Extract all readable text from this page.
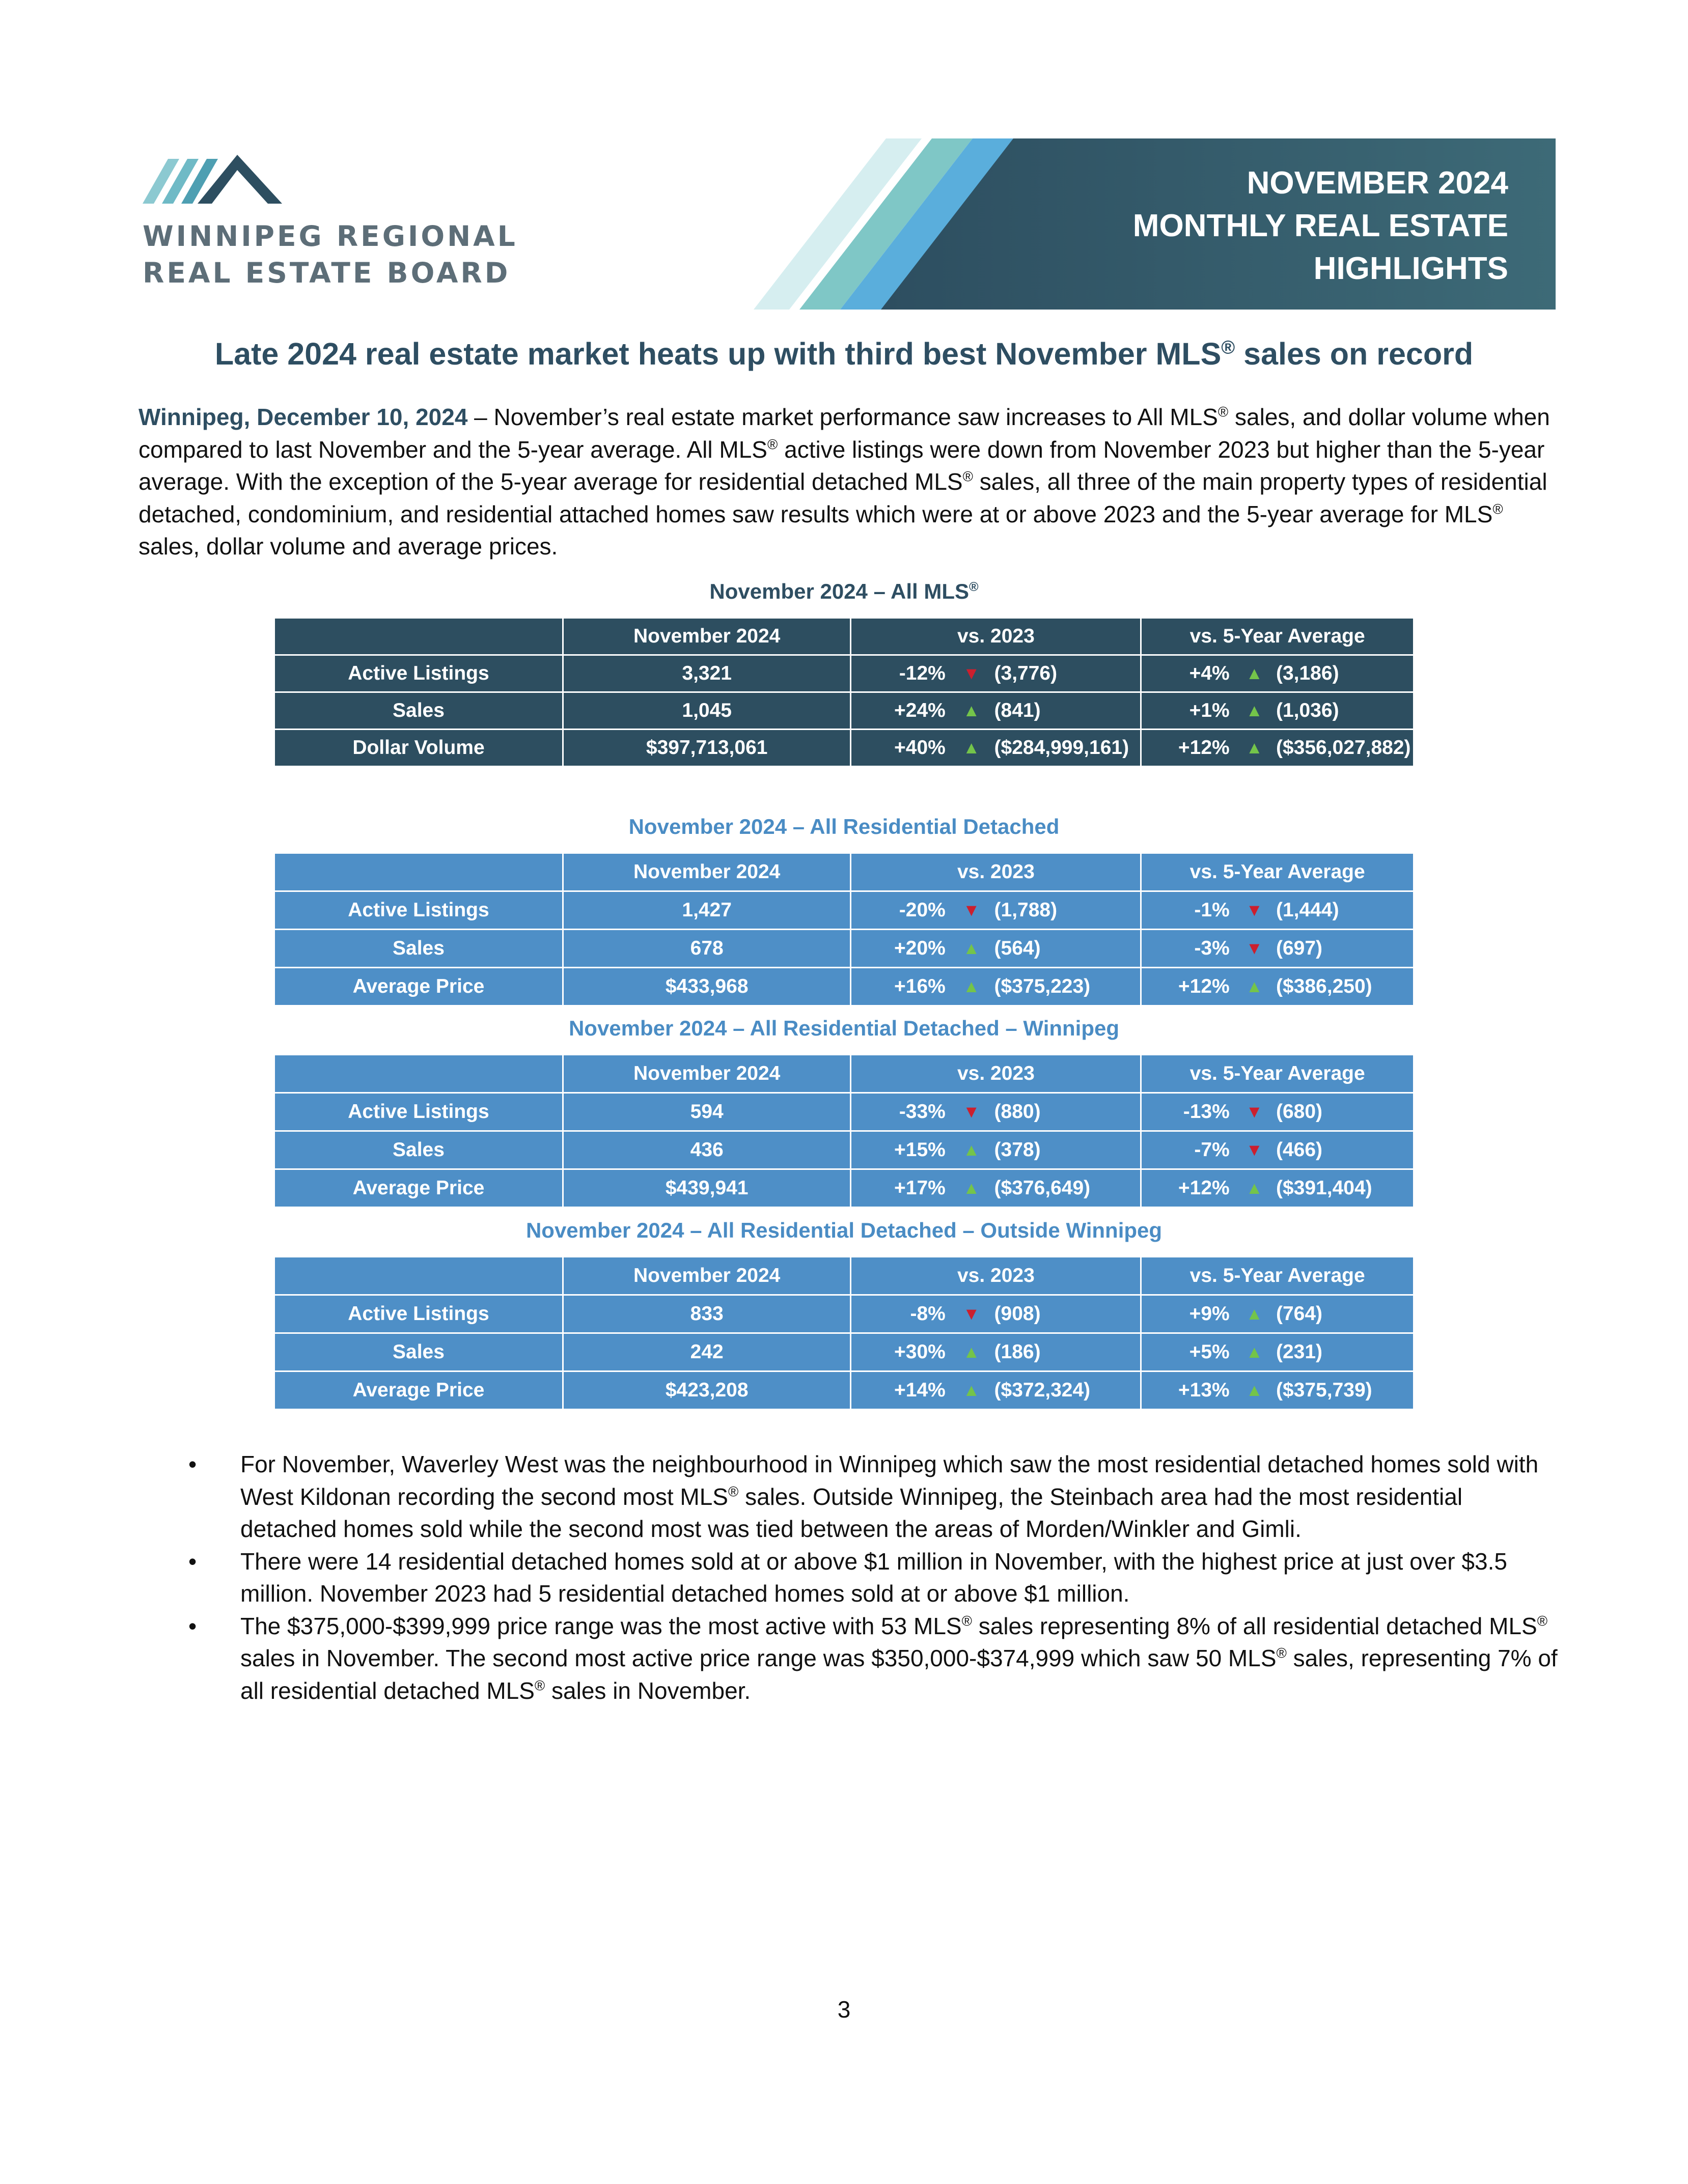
WINNIPEG REGIONAL
REAL ESTATE BOARD
NOVEMBER 2024
MONTHLY REAL ESTATE
HIGHLIGHTS
Late 2024 real estate market heats up with third best November MLS® sales on record

Winnipeg, December 10, 2024 – November’s real estate market performance saw increases to All MLS® sales, and dollar volume when compared to last November and the 5-year average. All MLS® active listings were down from November 2023 but higher than the 5-year average. With the exception of the 5-year average for residential detached MLS® sales, all three of the main property types of residential detached, condominium, and residential attached homes saw results which were at or above 2023 and the 5-year average for MLS® sales, dollar volume and average prices.

November 2024 – All MLS®
	November 2024	vs. 2023	vs. 5-Year Average
Active Listings	3,321	-12% ▼ (3,776)	+4% ▲ (3,186)

Sales	1,045	+24% ▲ (841)	+1% ▲ (1,036)

Dollar Volume	$397,713,061	+40% ▲ ($284,999,161)	+12% ▲ ($356,027,882)
November 2024 – All Residential Detached
	November 2024	vs. 2023	vs. 5-Year Average
Active Listings	1,427	-20% ▼ (1,788)	-1% ▼ (1,444)

Sales	678	+20% ▲ (564)	-3% ▼ (697)

Average Price	$433,968	+16% ▲ ($375,223)	+12% ▲ ($386,250)
November 2024 – All Residential Detached – Winnipeg
	November 2024	vs. 2023	vs. 5-Year Average
Active Listings	594	-33% ▼ (880)	-13% ▼ (680)

Sales	436	+15% ▲ (378)	-7% ▼ (466)

Average Price	$439,941	+17% ▲ ($376,649)	+12% ▲ ($391,404)
November 2024 – All Residential Detached – Outside Winnipeg
	November 2024	vs. 2023	vs. 5-Year Average
Active Listings	833	-8% ▼ (908)	+9% ▲ (764)

Sales	242	+30% ▲ (186)	+5% ▲ (231)

Average Price	$423,208	+14% ▲ ($372,324)	+13% ▲ ($375,739)
• For November, Waverley West was the neighbourhood in Winnipeg which saw the most residential detached homes sold with West Kildonan recording the second most MLS® sales. Outside Winnipeg, the Steinbach area had the most residential detached homes sold while the second most was tied between the areas of Morden/Winkler and Gimli.
• There were 14 residential detached homes sold at or above $1 million in November, with the highest price at just over $3.5 million. November 2023 had 5 residential detached homes sold at or above $1 million.
• The $375,000-$399,999 price range was the most active with 53 MLS® sales representing 8% of all residential detached MLS® sales in November. The second most active price range was $350,000-$374,999 which saw 50 MLS® sales, representing 7% of all residential detached MLS® sales in November.
3
